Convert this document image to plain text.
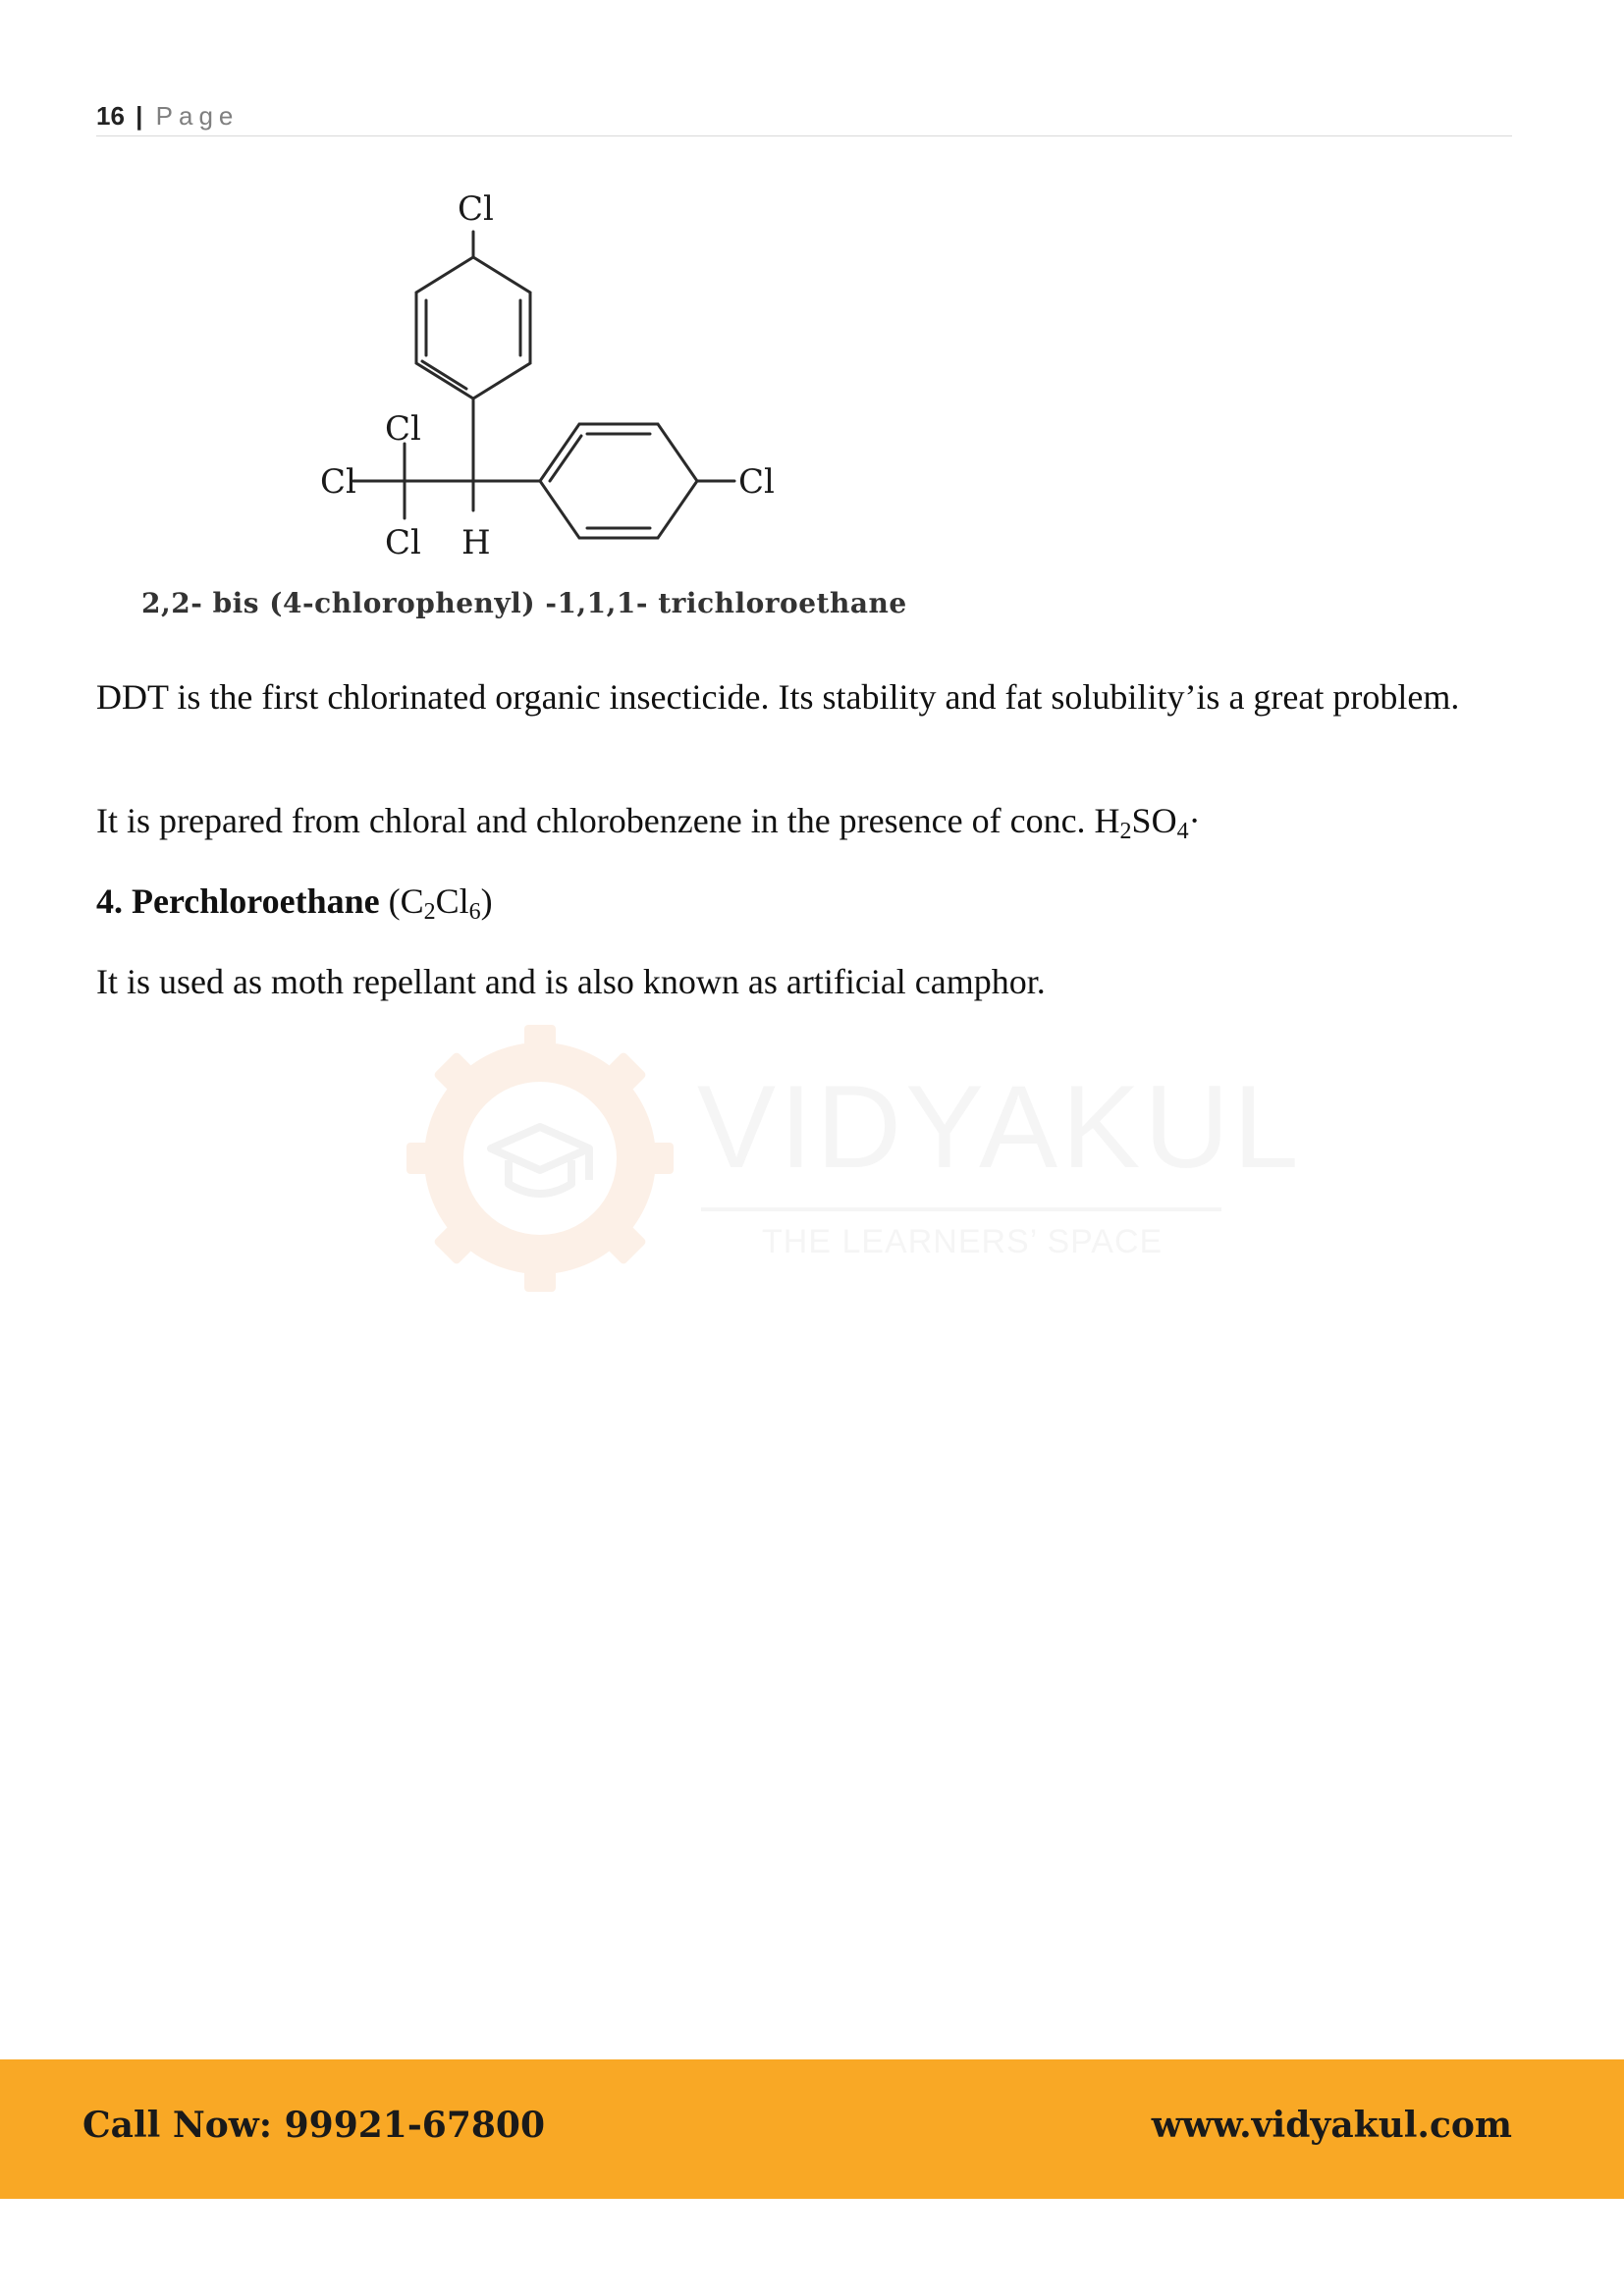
16 | Page
Cl
Cl
Cl
Cl H
Cl
2,2- bis (4-chlorophenyl) -1,1,1- trichloroethane
DDT is the first chlorinated organic insecticide. Its stability and fat solubility’is a great problem.
It is prepared from chloral and chlorobenzene in the presence of conc. $H_2SO_4\cdot$
4. Perchloroethane $(C_2Cl_6)$
It is used as moth repellant and is also known as artificial camphor.
VIDYAKUL
THE LEARNERS’ SPACE
Call Now: 99921-67800	www.vidyakul.com
